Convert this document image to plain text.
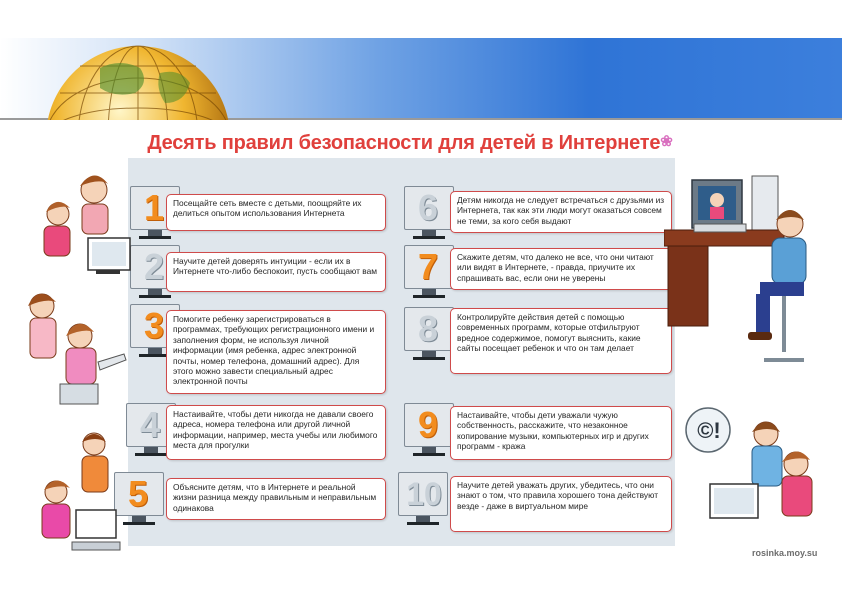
Десять правил безопасности для детей в Интернете❀
1	Посещайте сеть вместе с детьми, поощряйте их делиться опытом использования Интернета
2	Научите детей доверять интуиции - если их в Интернете что-либо беспокоит, пусть сообщают вам
3	Помогите ребенку зарегистрироваться в программах, требующих регистрационного имени и заполнения форм, не используя личной информации (имя ребенка, адрес электронной почты, номер телефона, домашний адрес). Для этого можно завести специальный адрес электронной почты
4	Настаивайте, чтобы дети никогда не давали своего адреса, номера телефона или другой личной информации, например, места учебы или любимого места для прогулки
5	Объясните детям, что в Интернете и реальной жизни разница между правильным и неправильным одинакова
6	Детям никогда не следует встречаться с друзьями из Интернета, так как эти люди могут оказаться совсем не теми, за кого себя выдают
7	Скажите детям, что далеко не все, что они читают или видят в Интернете, - правда, приучите их спрашивать вас, если они не уверены
8	Контролируйте действия детей с помощью современных программ, которые отфильтруют вредное содержимое, помогут выяснить, какие сайты посещает ребенок и что он там делает
9	Настаивайте, чтобы дети уважали чужую собственность, расскажите, что незаконное копирование музыки, компьютерных игр и других программ - кража
10	Научите детей уважать других, убедитесь, что они знают о том, что правила хорошего тона действуют везде - даже в виртуальном мире
©!
rosinka.moy.su
